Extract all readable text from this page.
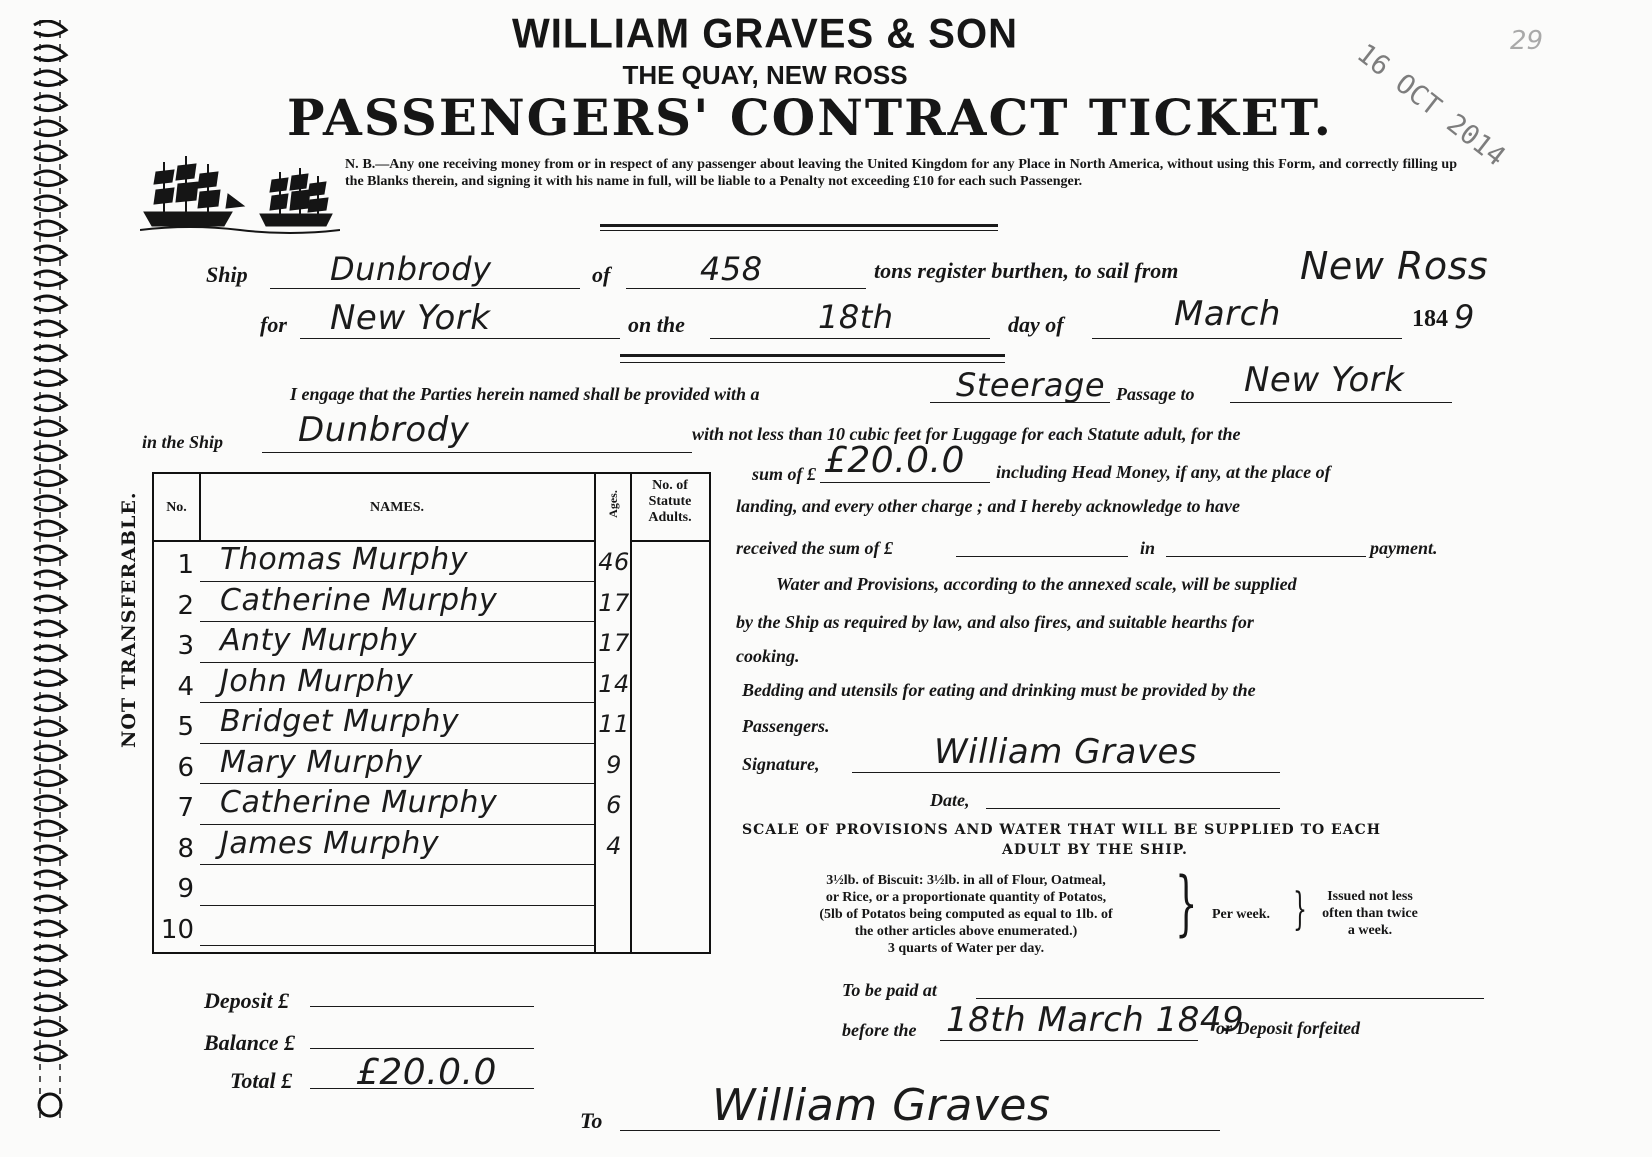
WILLIAM GRAVES & SON
THE QUAY, NEW ROSS
PASSENGERS' CONTRACT TICKET.
N. B.—Any one receiving money from or in respect of any passenger about leaving the United Kingdom for any Place in North America, without using this Form, and correctly filling up the Blanks therein, and signing it with his name in full, will be liable to a Penalty not exceeding £10 for each such Passenger.
16 OCT 2014 29
Ship	Dunbrody	of	458	tons register burthen, to sail from	New Ross
for New York	on the	18th	day of	March	184 9
I engage that the Parties herein named shall be provided with a	Steerage Passage to New York
in the Ship Dunbrody	with not less than 10 cubic feet for Luggage for each Statute adult, for the
sum of £ £20.0.0 including Head Money, if any, at the place of
landing, and every other charge ; and I hereby acknowledge to have
received the sum of £	in	payment.
Water and Provisions, according to the annexed scale, will be supplied
by the Ship as required by law, and also fires, and suitable hearths for
cooking.
Bedding and utensils for eating and drinking must be provided by the
Passengers.
Signature,	William Graves
Date,
SCALE OF PROVISIONS AND WATER THAT WILL BE SUPPLIED TO EACH
ADULT BY THE SHIP.
3½lb. of Biscuit: 3½lb. in all of Flour, Oatmeal,
or Rice, or a proportionate quantity of Potatos,
(5lb of Potatos being computed as equal to 1lb. of
the other articles above enumerated.)
3 quarts of Water per day.
} Per week. }	Issued not less
often than twice
a week.
NOT TRANSFERABLE.	No.	NAMES.	Ages.
No. of Statute Adults.
1 Thomas Murphy	46
2 Catherine Murphy	17
3 Anty Murphy	17
4 John Murphy	14
5 Bridget Murphy	11
6 Mary Murphy	9
7 Catherine Murphy	6
8 James Murphy	4
9
10
Deposit £
Balance £
Total £ £20.0.0
To be paid at
before the 18th March 1849
or Deposit forfeited
To William Graves
